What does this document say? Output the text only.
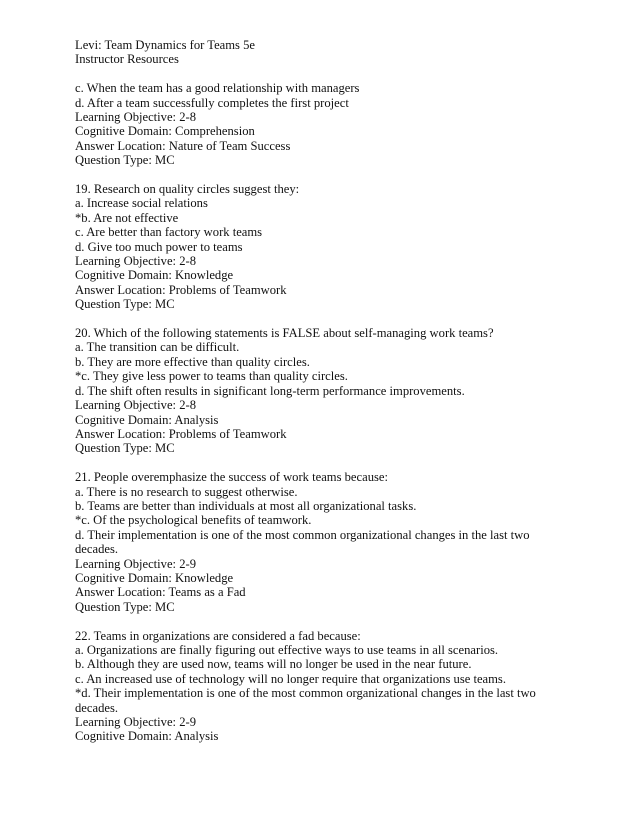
Levi: Team Dynamics for Teams 5e
Instructor Resources
c. When the team has a good relationship with managers
d. After a team successfully completes the first project
Learning Objective: 2-8
Cognitive Domain: Comprehension
Answer Location: Nature of Team Success
Question Type: MC
19. Research on quality circles suggest they:
a. Increase social relations
*b. Are not effective
c. Are better than factory work teams
d. Give too much power to teams
Learning Objective: 2-8
Cognitive Domain: Knowledge
Answer Location: Problems of Teamwork
Question Type: MC
20. Which of the following statements is FALSE about self-managing work teams?
a. The transition can be difficult.
b. They are more effective than quality circles.
*c. They give less power to teams than quality circles.
d. The shift often results in significant long-term performance improvements.
Learning Objective: 2-8
Cognitive Domain: Analysis
Answer Location: Problems of Teamwork
Question Type: MC
21. People overemphasize the success of work teams because:
a. There is no research to suggest otherwise.
b. Teams are better than individuals at most all organizational tasks.
*c. Of the psychological benefits of teamwork.
d. Their implementation is one of the most common organizational changes in the last two decades.
Learning Objective: 2-9
Cognitive Domain: Knowledge
Answer Location: Teams as a Fad
Question Type: MC
22. Teams in organizations are considered a fad because:
a. Organizations are finally figuring out effective ways to use teams in all scenarios.
b. Although they are used now, teams will no longer be used in the near future.
c. An increased use of technology will no longer require that organizations use teams.
*d. Their implementation is one of the most common organizational changes in the last two decades.
Learning Objective: 2-9
Cognitive Domain: Analysis
